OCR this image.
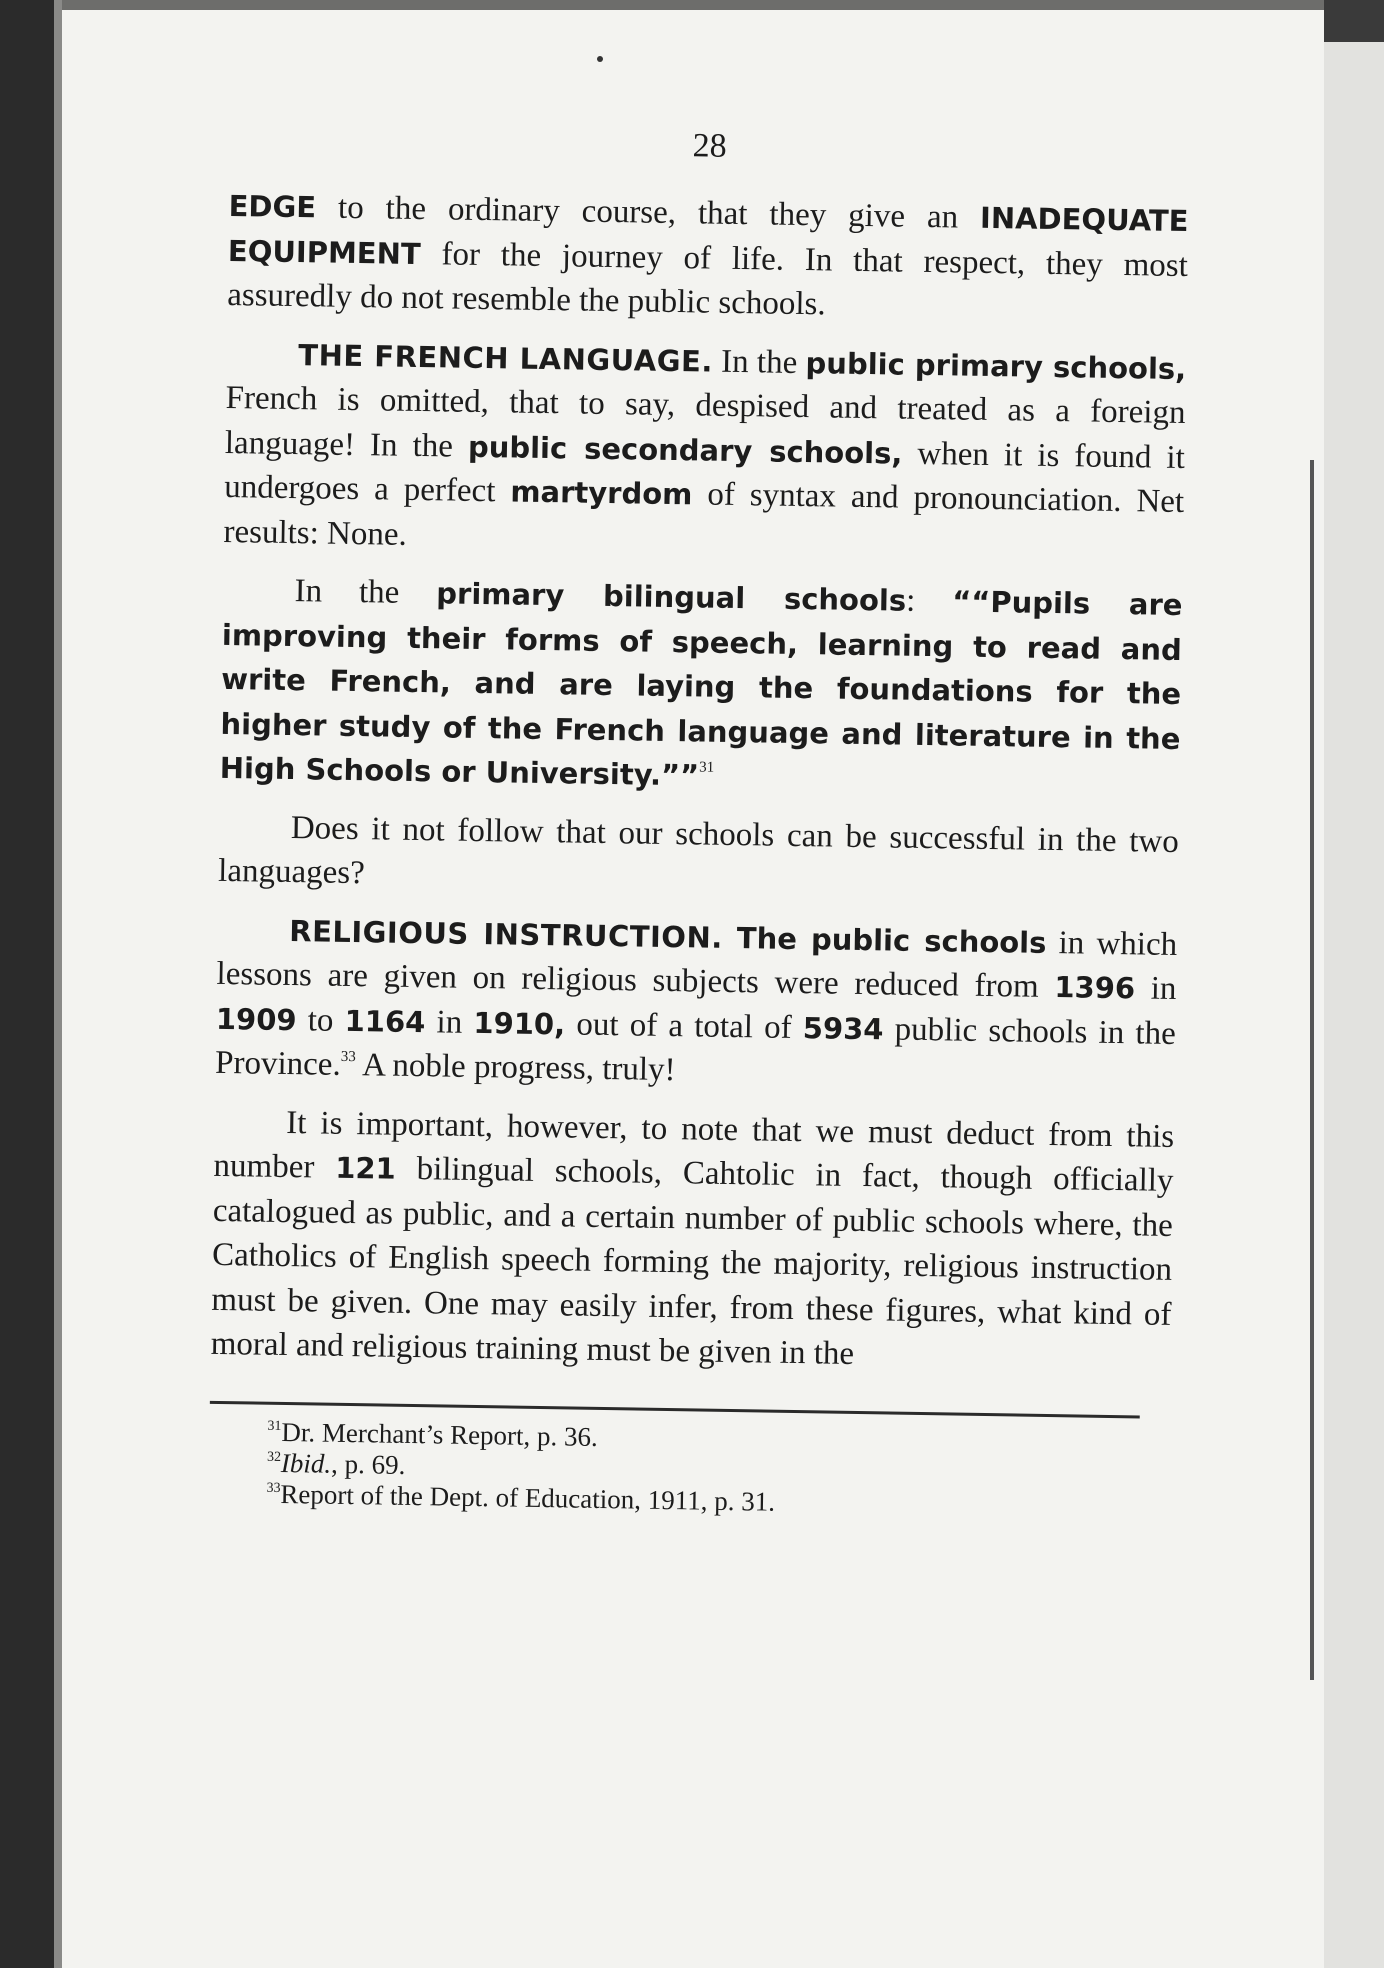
28

EDGE to the ordinary course, that they give an INADEQUATE EQUIPMENT for the journey of life. In that respect, they most assuredly do not resemble the public schools.

THE FRENCH LANGUAGE. In the public primary schools, French is omitted, that to say, despised and treated as a foreign language! In the public secondary schools, when it is found it undergoes a perfect martyrdom of syntax and pronounciation. Net results: None.

In the primary bilingual schools: ““Pupils are improving their forms of speech, learning to read and write French, and are laying the foundations for the higher study of the French language and literature in the High Schools or University.””$^{31}$

Does it not follow that our schools can be successful in the two languages?

RELIGIOUS INSTRUCTION. The public schools in which lessons are given on religious subjects were reduced from 1396 in 1909 to 1164 in 1910, out of a total of 5934 public schools in the Province.$^{33}$ A noble progress, truly!

It is important, however, to note that we must deduct from this number 121 bilingual schools, Cahtolic in fact, though officially catalogued as public, and a certain number of public schools where, the Catholics of English speech forming the majority, religious instruction must be given. One may easily infer, from these figures, what kind of moral and religious training must be given in the

$^{31}$Dr. Merchant’s Report, p. 36.
$^{32}$Ibid., p. 69.
$^{33}$Report of the Dept. of Education, 1911, p. 31.
